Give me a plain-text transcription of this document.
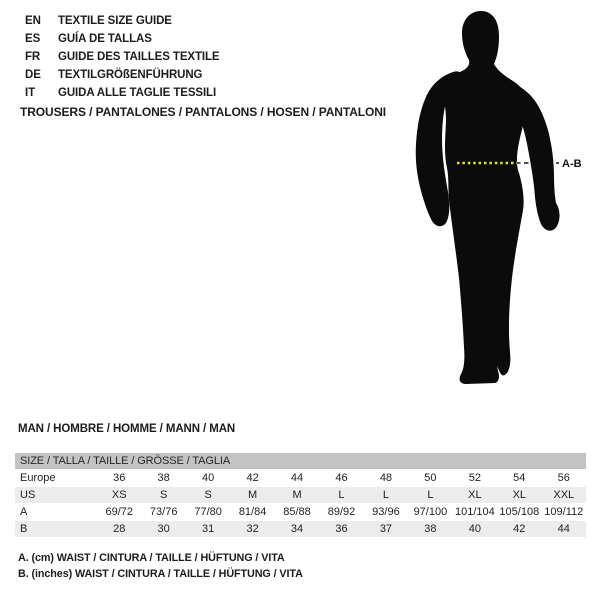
EN TEXTILE SIZE GUIDE
ES GUÍA DE TALLAS
FR GUIDE DES TAILLES TEXTILE
DE TEXTILGRÖßENFÜHRUNG
IT GUIDA ALLE TAGLIE TESSILI
TROUSERS / PANTALONES / PANTALONS / HOSEN / PANTALONI
A-B
MAN / HOMBRE / HOMME / MANN / MAN
SIZE / TALLA / TAILLE / GRÖSSE / TAGLIA
Europe	36	38	40	42	44	46	48	50	52	54	56
US	XS	S	S	M	M	L	L	L	XL	XL	XXL
A	69/72	73/76	77/80	81/84	85/88	89/92	93/96	97/100 101/104 105/108 109/112
B	28	30	31	32	34	36	37	38	40	42	44
A. (cm) WAIST / CINTURA / TAILLE / HÜFTUNG / VITA
B. (inches) WAIST / CINTURA / TAILLE / HÜFTUNG / VITA
